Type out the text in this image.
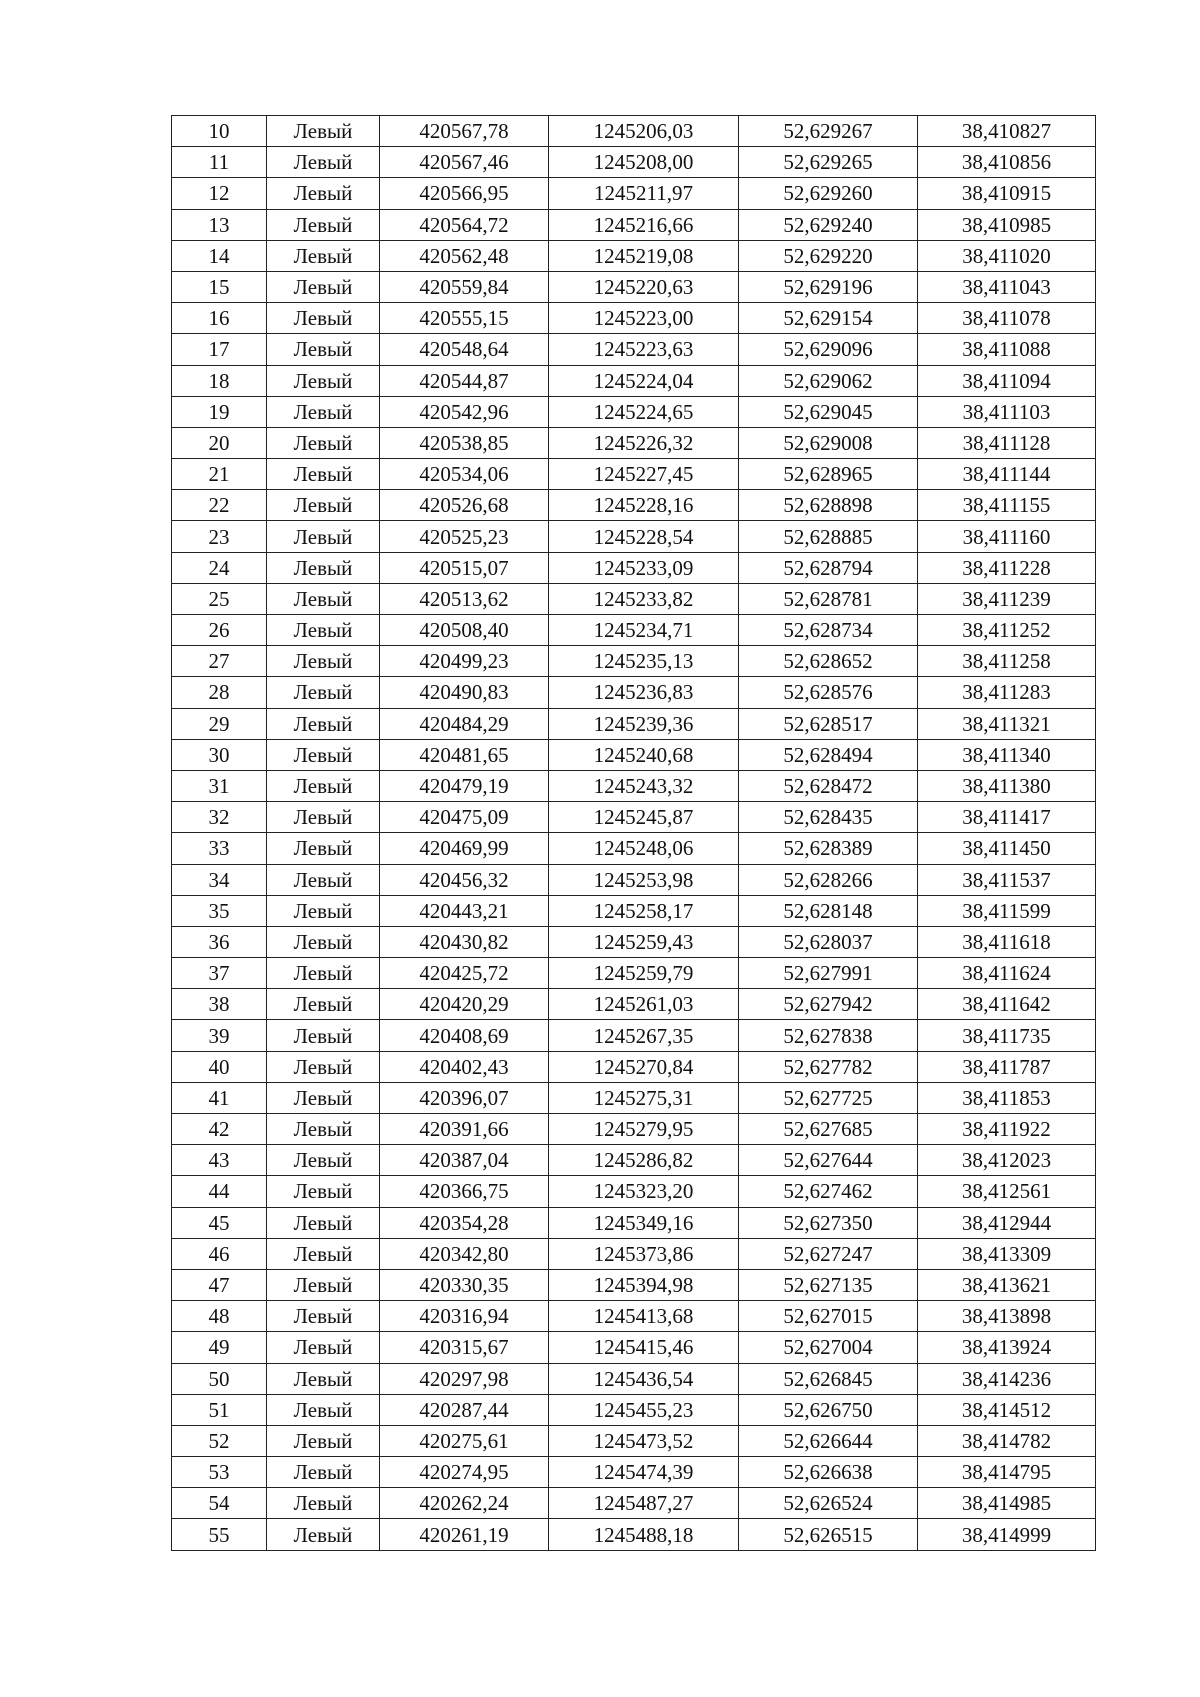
10	Левый	420567,78	1245206,03	52,629267	38,410827
11	Левый	420567,46	1245208,00	52,629265	38,410856
12	Левый	420566,95	1245211,97	52,629260	38,410915
13	Левый	420564,72	1245216,66	52,629240	38,410985
14	Левый	420562,48	1245219,08	52,629220	38,411020
15	Левый	420559,84	1245220,63	52,629196	38,411043
16	Левый	420555,15	1245223,00	52,629154	38,411078
17	Левый	420548,64	1245223,63	52,629096	38,411088
18	Левый	420544,87	1245224,04	52,629062	38,411094
19	Левый	420542,96	1245224,65	52,629045	38,411103
20	Левый	420538,85	1245226,32	52,629008	38,411128
21	Левый	420534,06	1245227,45	52,628965	38,411144
22	Левый	420526,68	1245228,16	52,628898	38,411155
23	Левый	420525,23	1245228,54	52,628885	38,411160
24	Левый	420515,07	1245233,09	52,628794	38,411228
25	Левый	420513,62	1245233,82	52,628781	38,411239
26	Левый	420508,40	1245234,71	52,628734	38,411252
27	Левый	420499,23	1245235,13	52,628652	38,411258
28	Левый	420490,83	1245236,83	52,628576	38,411283
29	Левый	420484,29	1245239,36	52,628517	38,411321
30	Левый	420481,65	1245240,68	52,628494	38,411340
31	Левый	420479,19	1245243,32	52,628472	38,411380
32	Левый	420475,09	1245245,87	52,628435	38,411417
33	Левый	420469,99	1245248,06	52,628389	38,411450
34	Левый	420456,32	1245253,98	52,628266	38,411537
35	Левый	420443,21	1245258,17	52,628148	38,411599
36	Левый	420430,82	1245259,43	52,628037	38,411618
37	Левый	420425,72	1245259,79	52,627991	38,411624
38	Левый	420420,29	1245261,03	52,627942	38,411642
39	Левый	420408,69	1245267,35	52,627838	38,411735
40	Левый	420402,43	1245270,84	52,627782	38,411787
41	Левый	420396,07	1245275,31	52,627725	38,411853
42	Левый	420391,66	1245279,95	52,627685	38,411922
43	Левый	420387,04	1245286,82	52,627644	38,412023
44	Левый	420366,75	1245323,20	52,627462	38,412561
45	Левый	420354,28	1245349,16	52,627350	38,412944
46	Левый	420342,80	1245373,86	52,627247	38,413309
47	Левый	420330,35	1245394,98	52,627135	38,413621
48	Левый	420316,94	1245413,68	52,627015	38,413898
49	Левый	420315,67	1245415,46	52,627004	38,413924
50	Левый	420297,98	1245436,54	52,626845	38,414236
51	Левый	420287,44	1245455,23	52,626750	38,414512
52	Левый	420275,61	1245473,52	52,626644	38,414782
53	Левый	420274,95	1245474,39	52,626638	38,414795
54	Левый	420262,24	1245487,27	52,626524	38,414985
55	Левый	420261,19	1245488,18	52,626515	38,414999
